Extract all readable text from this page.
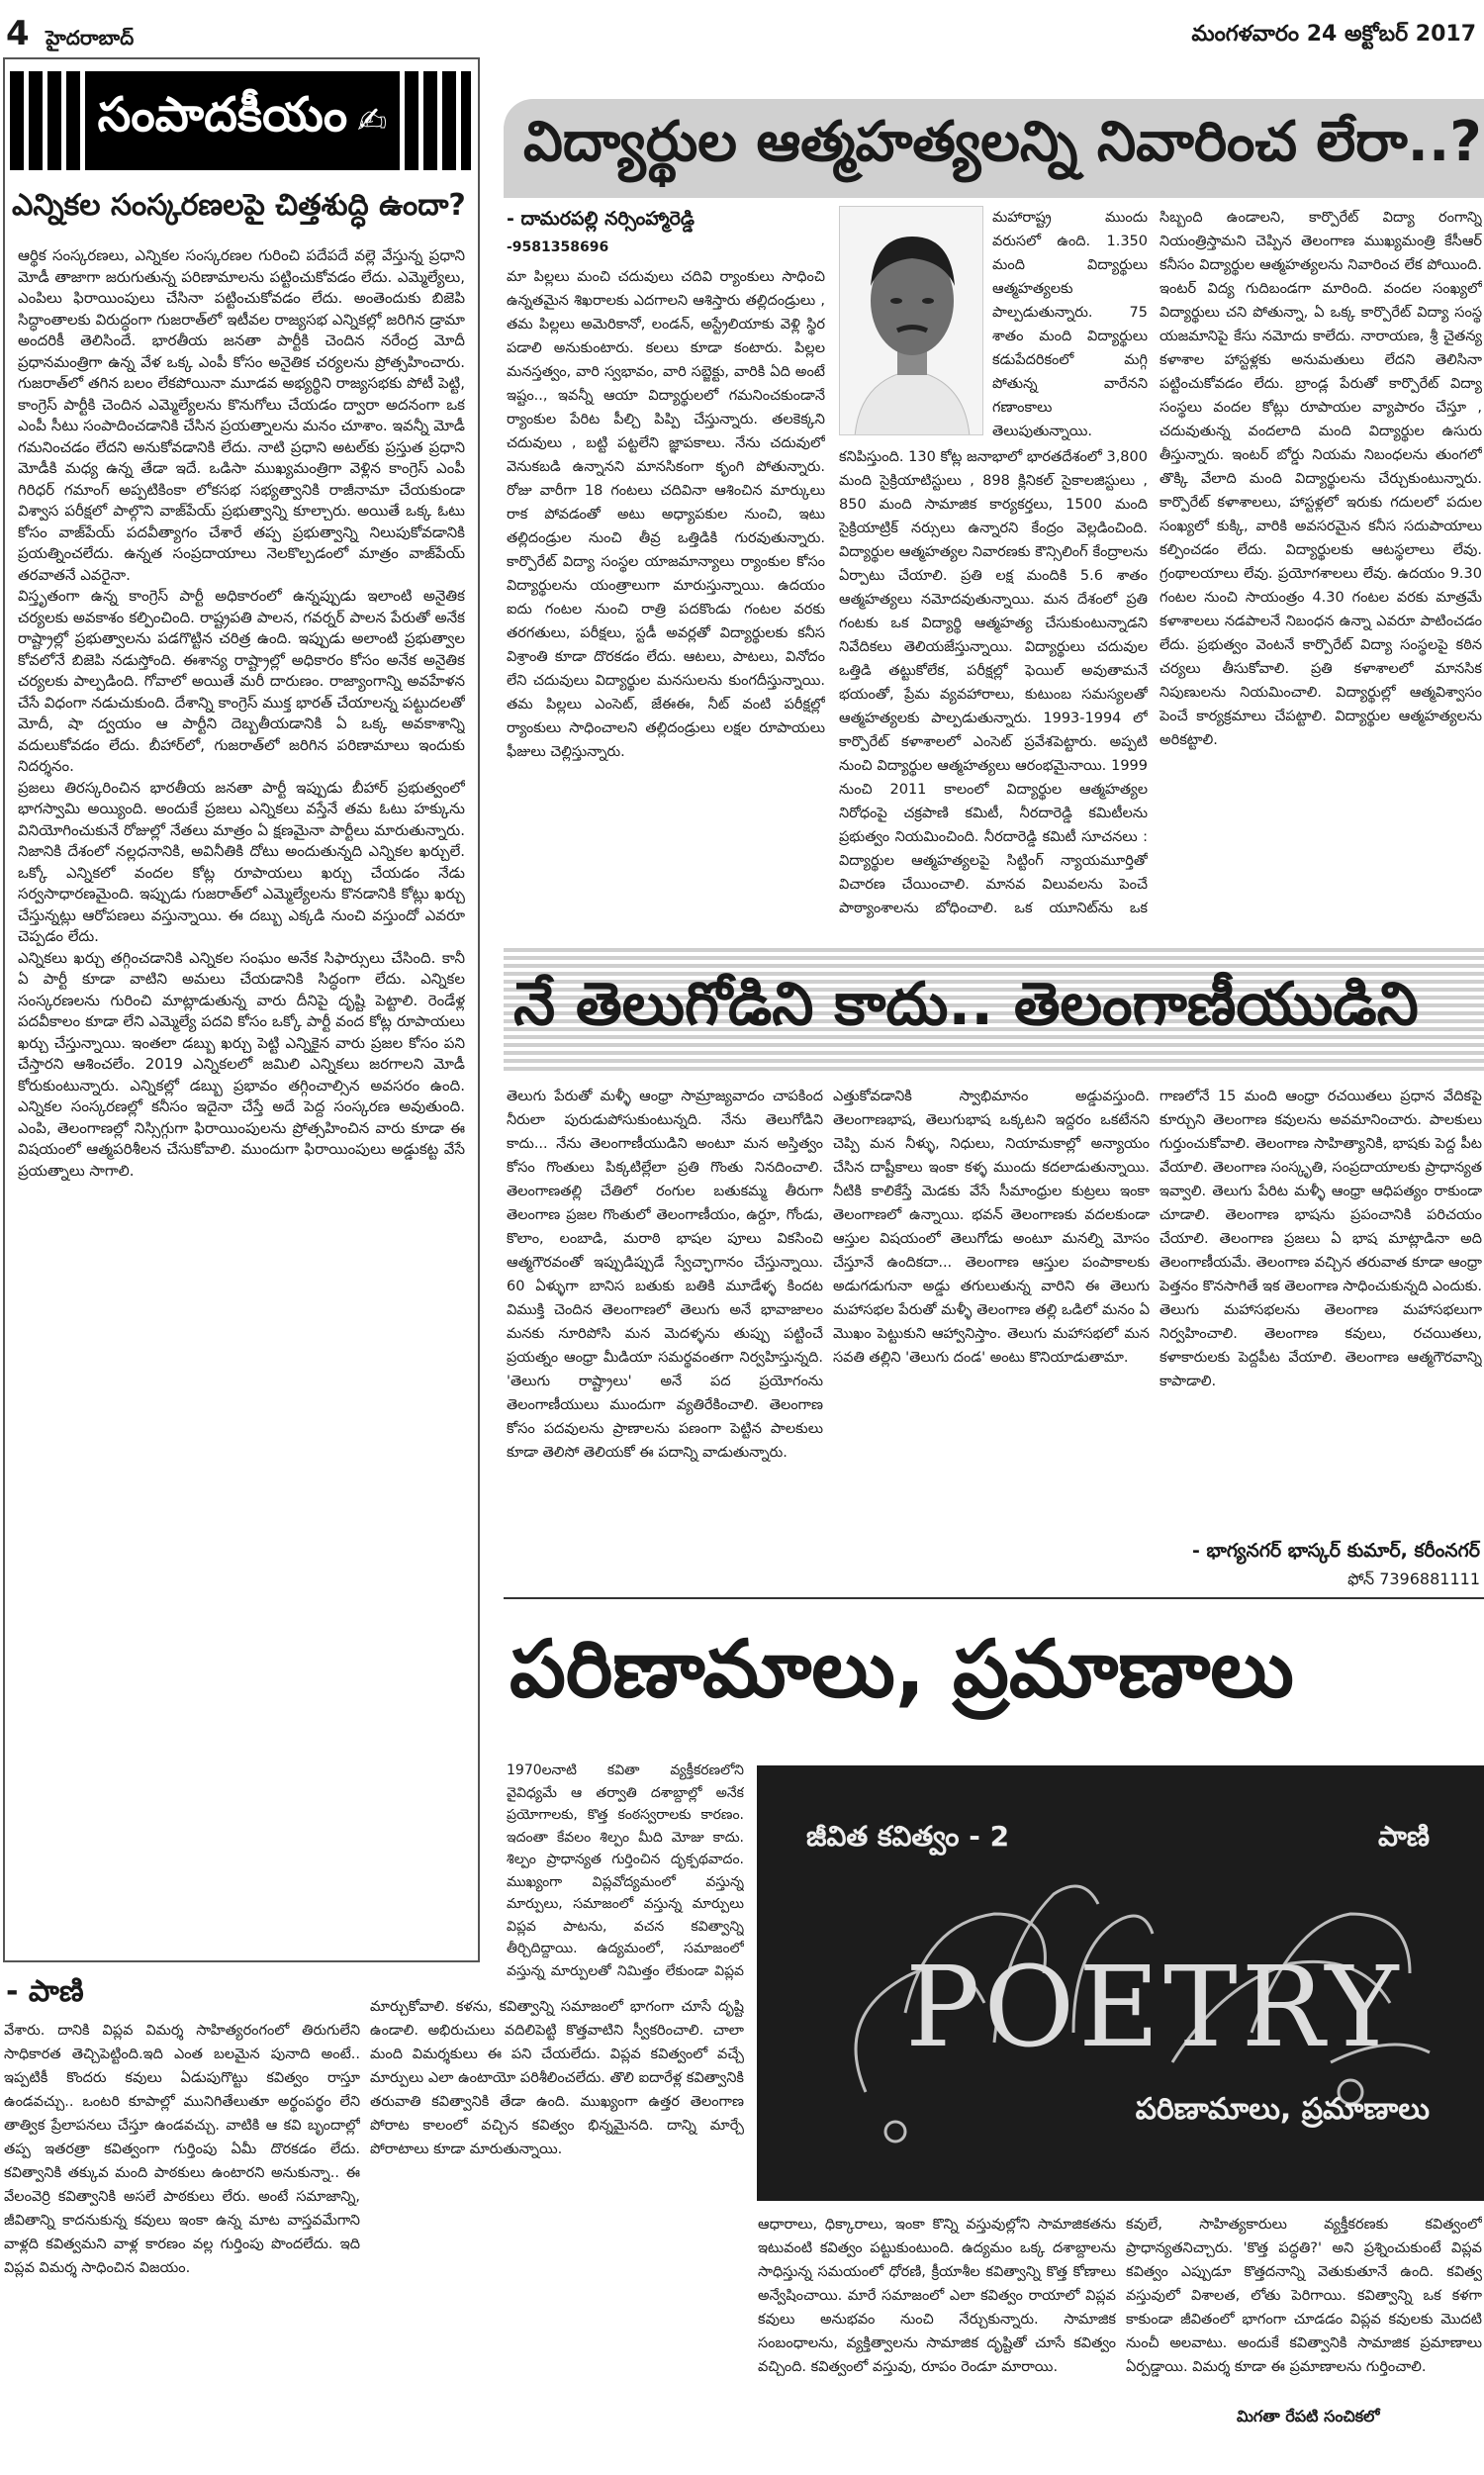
4 హైదరాబాద్	మంగళవారం 24 అక్టోబర్ 2017
సంపాదకీయం ✍
ఎన్నికల సంస్కరణలపై చిత్తశుద్ధి ఉందా?

ఆర్థిక సంస్కరణలు, ఎన్నికల సంస్కరణల గురించి పదేపదే వల్లె వేస్తున్న ప్రధాని మోడీ తాజాగా జరుగుతున్న పరిణామాలను పట్టించుకోవడం లేదు. ఎమ్మెల్యేలు, ఎంపిలు ఫిరాయింపులు చేసినా పట్టించుకోవడం లేదు. అంతెందుకు బిజెపి సిద్ధాంతాలకు విరుద్ధంగా గుజరాత్‌లో ఇటీవల రాజ్యసభ ఎన్నికల్లో జరిగిన డ్రామా అందరికీ తెలిసిందే. భారతీయ జనతా పార్టీకి చెందిన నరేంద్ర మోదీ ప్రధానమంత్రిగా ఉన్న వేళ ఒక్క ఎంపీ కోసం అనైతిక చర్యలను ప్రోత్సహించారు. గుజరాత్‌లో తగిన బలం లేకపోయినా మూడవ అభ్యర్థిని రాజ్యసభకు పోటీ పెట్టి, కాంగ్రెస్ పార్టీకి చెందిన ఎమ్మెల్యేలను కొనుగోలు చేయడం ద్వారా అదనంగా ఒక ఎంపీ సీటు సంపాదించడానికి చేసిన ప్రయత్నాలను మనం చూశాం. ఇవన్నీ మోడీ గమనించడం లేదని అనుకోవడానికి లేదు. నాటి ప్రధాని అటల్‌కు ప్రస్తుత ప్రధాని మోడీకి మధ్య ఉన్న తేడా ఇదే. ఒడిసా ముఖ్యమంత్రిగా వెళ్లిన కాంగ్రెస్ ఎంపీ గిరిధర్ గమాంగ్ అప్పటికింకా లోకసభ సభ్యత్వానికి రాజీనామా చేయకుండా విశ్వాస పరీక్షలో పాల్గొని వాజ్‌పేయ్ ప్రభుత్వాన్ని కూల్చారు. అయితే ఒక్క ఓటు కోసం వాజ్‌పేయ్ పదవీత్యాగం చేశారే తప్ప ప్రభుత్వాన్ని నిలుపుకోవడానికి ప్రయత్నించలేదు. ఉన్నత సంప్రదాయాలు నెలకొల్పడంలో మాత్రం వాజ్‌పేయ్ తరవాతనే ఎవరైనా.

విస్తృతంగా ఉన్న కాంగ్రెస్ పార్టీ అధికారంలో ఉన్నప్పుడు ఇలాంటి అనైతిక చర్యలకు అవకాశం కల్పించింది. రాష్ట్రపతి పాలన, గవర్నర్ పాలన పేరుతో అనేక రాష్ట్రాల్లో ప్రభుత్వాలను పడగొట్టిన చరిత్ర ఉంది. ఇప్పుడు అలాంటి ప్రభుత్వాల కోవలోనే బిజెపి నడుస్తోంది. ఈశాన్య రాష్ట్రాల్లో అధికారం కోసం అనేక అనైతిక చర్యలకు పాల్పడింది. గోవాలో అయితే మరీ దారుణం. రాజ్యాంగాన్ని అవహేళన చేసే విధంగా నడుచుకుంది. దేశాన్ని కాంగ్రెస్ ముక్త భారత్ చేయాలన్న పట్టుదలతో మోదీ, షా ద్వయం ఆ పార్టీని దెబ్బతీయడానికి ఏ ఒక్క అవకాశాన్ని వదులుకోవడం లేదు. బీహార్‌లో, గుజరాత్‌లో జరిగిన పరిణామాలు ఇందుకు నిదర్శనం.

ప్రజలు తిరస్కరించిన భారతీయ జనతా పార్టీ ఇప్పుడు బీహార్ ప్రభుత్వంలో భాగస్వామి అయ్యింది. అందుకే ప్రజలు ఎన్నికలు వస్తేనే తమ ఓటు హక్కును వినియోగించుకునే రోజుల్లో నేతలు మాత్రం ఏ క్షణమైనా పార్టీలు మారుతున్నారు. నిజానికి దేశంలో నల్లధనానికి, అవినీతికి దోటు అందుతున్నది ఎన్నికల ఖర్చులే. ఒక్కో ఎన్నికలో వందల కోట్ల రూపాయలు ఖర్చు చేయడం నేడు సర్వసాధారణమైంది. ఇప్పుడు గుజరాత్‌లో ఎమ్మెల్యేలను కొనడానికి కోట్లు ఖర్చు చేస్తున్నట్లు ఆరోపణలు వస్తున్నాయి. ఈ దబ్బు ఎక్కడి నుంచి వస్తుందో ఎవరూ చెప్పడం లేదు.

ఎన్నికలు ఖర్చు తగ్గించడానికి ఎన్నికల సంఘం అనేక సిఫార్సులు చేసింది. కానీ ఏ పార్టీ కూడా వాటిని అమలు చేయడానికి సిద్ధంగా లేదు. ఎన్నికల సంస్కరణలను గురించి మాట్లాడుతున్న వారు దీనిపై దృష్టి పెట్టాలి. రెండేళ్ల పదవీకాలం కూడా లేని ఎమ్మెల్యే పదవి కోసం ఒక్కో పార్టీ వంద కోట్ల రూపాయలు ఖర్చు చేస్తున్నాయి. ఇంతలా డబ్బు ఖర్చు పెట్టి ఎన్నికైన వారు ప్రజల కోసం పని చేస్తారని ఆశించలేం. 2019 ఎన్నికలలో జమిలి ఎన్నికలు జరగాలని మోడీ కోరుకుంటున్నారు. ఎన్నికల్లో డబ్బు ప్రభావం తగ్గించాల్సిన అవసరం ఉంది. ఎన్నికల సంస్కరణల్లో కనీసం ఇదైనా చేస్తే అదే పెద్ద సంస్కరణ అవుతుంది. ఎంపి, తెలంగాణల్లో నిస్సిగ్గుగా ఫిరాయింపులను ప్రోత్సహించిన వారు కూడా ఈ విషయంలో ఆత్మపరిశీలన చేసుకోవాలి. ముందుగా ఫిరాయింపులు అడ్డుకట్ట వేసే ప్రయత్నాలు సాగాలి.

విద్యార్థుల ఆత్మహత్యలన్ని నివారించ లేరా..?
- దామరపల్లి నర్సింహ్మారెడ్డి
-9581358696

మా పిల్లలు మంచి చదువులు చదివి ర్యాంకులు సాధించి ఉన్నతమైన శిఖరాలకు ఎదగాలని ఆశిస్తారు తల్లిదండ్రులు , తమ పిల్లలు అమెరికానో, లండన్, అస్ట్రేలియాకు వెళ్లి స్థిర పడాలి అనుకుంటారు. కలలు కూడా కంటారు. పిల్లల మనస్తత్వం, వారి స్వభావం, వారి సబ్జెక్టు, వారికి ఏది అంటే ఇష్టం.., ఇవన్నీ ఆయా విద్యార్థులలో గమనించకుండానే ర్యాంకుల పేరిట పీల్చి పిప్పి చేస్తున్నారు. తలకెక్కని చదువులు , బట్టి పట్టలేని జ్ఞాపకాలు. నేను చదువులో వెనుకబడి ఉన్నానని మానసికంగా కృంగి పోతున్నారు. రోజు వారీగా 18 గంటలు చదివినా ఆశించిన మార్కులు రాక పోవడంతో అటు అధ్యాపకుల నుంచి, ఇటు తల్లిదండ్రుల నుంచి తీవ్ర ఒత్తిడికి గురవుతున్నారు. కార్పొరేట్ విద్యా సంస్థల యాజమాన్యాలు ర్యాంకుల కోసం విద్యార్థులను యంత్రాలుగా మారుస్తున్నాయి. ఉదయం ఐదు గంటల నుంచి రాత్రి పదకొండు గంటల వరకు తరగతులు, పరీక్షలు, స్టడీ అవర్లతో విద్యార్థులకు కనీస విశ్రాంతి కూడా దొరకడం లేదు. ఆటలు, పాటలు, వినోదం లేని చదువులు విద్యార్థుల మనసులను కుంగదీస్తున్నాయి. తమ పిల్లలు ఎంసెట్, జేఈఈ, నీట్ వంటి పరీక్షల్లో ర్యాంకులు సాధించాలని తల్లిదండ్రులు లక్షల రూపాయలు ఫీజులు చెల్లిస్తున్నారు.

మహారాష్ట్ర ముందు వరుసలో ఉంది. 1.350 మంది విద్యార్థులు ఆత్మహత్యలకు పాల్పడుతున్నారు. 75 శాతం మంది విద్యార్థులు కడుపేదరికంలో మగ్గి పోతున్న వారేనని గణాంకాలు తెలుపుతున్నాయి.

కనిపిస్తుంది. 130 కోట్ల జనాభాలో భారతదేశంలో 3,800 మంది సైక్రియాటిస్టులు , 898 క్లినికల్ సైకాలజిస్టులు , 850 మంది సామాజిక కార్యకర్తలు, 1500 మంది సైక్రియాట్రిక్ నర్సులు ఉన్నారని కేంద్రం వెల్లడించింది. విద్యార్థుల ఆత్మహత్యల నివారణకు కౌన్సిలింగ్ కేంద్రాలను ఏర్పాటు చేయాలి. ప్రతి లక్ష మందికి 5.6 శాతం ఆత్మహత్యలు నమోదవుతున్నాయి. మన దేశంలో ప్రతి గంటకు ఒక విద్యార్థి ఆత్మహత్య చేసుకుంటున్నాడని నివేదికలు తెలియజేస్తున్నాయి. విద్యార్థులు చదువుల ఒత్తిడి తట్టుకోలేక, పరీక్షల్లో ఫెయిల్ అవుతామనే భయంతో, ప్రేమ వ్యవహారాలు, కుటుంబ సమస్యలతో ఆత్మహత్యలకు పాల్పడుతున్నారు. 1993-1994 లో కార్పొరేట్ కళాశాలలో ఎంసెట్ ప్రవేశపెట్టారు. అప్పటి నుంచి విద్యార్థుల ఆత్మహత్యలు ఆరంభమైనాయి. 1999 నుంచి 2011 కాలంలో విద్యార్థుల ఆత్మహత్యల నిరోధంపై చక్రపాణి కమిటీ, నీరదారెడ్డి కమిటీలను ప్రభుత్వం నియమించింది. నీరదారెడ్డి కమిటీ సూచనలు : విద్యార్థుల ఆత్మహత్యలపై సిట్టింగ్ న్యాయమూర్తితో విచారణ చేయించాలి. మానవ విలువలను పెంచే పాఠ్యాంశాలను బోధించాలి. ఒక యూనిట్‌ను ఒక

సిబ్బంది ఉండాలని, కార్పొరేట్ విద్యా రంగాన్ని నియంత్రిస్తామని చెప్పిన తెలంగాణ ముఖ్యమంత్రి కేసీఆర్ కనీసం విద్యార్థుల ఆత్మహత్యలను నివారించ లేక పోయింది. ఇంటర్ విద్య గుదిబండగా మారింది. వందల సంఖ్యలో విద్యార్థులు చని పోతున్నా, ఏ ఒక్క కార్పొరేట్ విద్యా సంస్థ యజమానిపై కేసు నమోదు కాలేదు. నారాయణ, శ్రీ చైతన్య కళాశాల హాస్టళ్లకు అనుమతులు లేదని తెలిసినా పట్టించుకోవడం లేదు. బ్రాండ్ల పేరుతో కార్పొరేట్ విద్యా సంస్థలు వందల కోట్లు రూపాయల వ్యాపారం చేస్తూ , చదువుతున్న వందలాది మంది విద్యార్థుల ఉసురు తీస్తున్నారు. ఇంటర్ బోర్డు నియమ నిబంధలను తుంగలో తొక్కి వేలాది మంది విద్యార్థులను చేర్చుకుంటున్నారు. కార్పొరేట్ కళాశాలలు, హాస్టళ్లలో ఇరుకు గదులలో పదుల సంఖ్యలో కుక్కి, వారికి అవసరమైన కనీస సదుపాయాలు కల్పించడం లేదు. విద్యార్థులకు ఆటస్థలాలు లేవు. గ్రంథాలయాలు లేవు. ప్రయోగశాలలు లేవు. ఉదయం 9.30 గంటల నుంచి సాయంత్రం 4.30 గంటల వరకు మాత్రమే కళాశాలలు నడపాలనే నిబంధన ఉన్నా ఎవరూ పాటించడం లేదు. ప్రభుత్వం వెంటనే కార్పొరేట్ విద్యా సంస్థలపై కఠిన చర్యలు తీసుకోవాలి. ప్రతి కళాశాలలో మానసిక నిపుణులను నియమించాలి. విద్యార్థుల్లో ఆత్మవిశ్వాసం పెంచే కార్యక్రమాలు చేపట్టాలి. విద్యార్థుల ఆత్మహత్యలను అరికట్టాలి.

నే తెలుగోడిని కాదు.. తెలంగాణీయుడిని

తెలుగు పేరుతో మళ్ళీ ఆంధ్రా సామ్రాజ్యవాదం చాపకింద నీరులా పురుడుపోసుకుంటున్నది. నేను తెలుగోడిని కాదు... నేను తెలంగాణీయుడిని అంటూ మన అస్తిత్వం కోసం గొంతులు పిక్కటిల్లేలా ప్రతి గొంతు నినదించాలి. తెలంగాణతల్లి చేతిలో రంగుల బతుకమ్మ తీరుగా తెలంగాణ ప్రజల గొంతులో తెలంగాణీయం, ఉర్దూ, గోండు, కొలాం, లంబాడి, మరాఠి భాషల పూలు వికసించి ఆత్మగౌరవంతో ఇప్పుడిప్పుడే స్వేచ్ఛాగానం చేస్తున్నాయి. 60 ఏళ్ళుగా బానిస బతుకు బతికి మూడేళ్ళ కిందట విముక్తి చెందిన తెలంగాణలో తెలుగు అనే భావాజాలం మనకు నూరిపోసి మన మెదళ్ళను తుప్పు పట్టించే ప్రయత్నం ఆంధ్రా మీడియా సమర్థవంతగా నిర్వహిస్తున్నది. 'తెలుగు రాష్ట్రాలు' అనే పద ప్రయోగంను తెలంగాణీయులు ముందుగా వ్యతిరేకించాలి. తెలంగాణ కోసం పదవులను ప్రాణాలను పణంగా పెట్టిన పాలకులు కూడా తెలిసో తెలియకో ఈ పదాన్ని వాడుతున్నారు.

ఎత్తుకోవడానికి స్వాభిమానం అడ్డువస్తుంది. తెలంగాణభాష, తెలుగుభాష ఒక్కటని ఇద్దరం ఒకటేనని చెప్పి మన నీళ్ళు, నిధులు, నియామకాల్లో అన్యాయం చేసిన దాష్టీకాలు ఇంకా కళ్ళ ముందు కదలాడుతున్నాయి. నీటికి కాలికేస్తే మెడకు వేసే సీమాంధ్రుల కుట్రలు ఇంకా తెలంగాణలో ఉన్నాయి. భవన్ తెలంగాణకు వదలకుండా ఆస్తుల విషయంలో తెలుగోడు అంటూ మనల్ని మోసం చేస్తూనే ఉందికదా... తెలంగాణ ఆస్తుల పంపాకాలకు అడుగడుగునా అడ్డు తగులుతున్న వారిని ఈ తెలుగు మహాసభల పేరుతో మళ్ళీ తెలంగాణ తల్లి ఒడిలో మనం ఏ మొఖం పెట్టుకుని ఆహ్వానిస్తాం. తెలుగు మహాసభలో మన సవతి తల్లిని 'తెలుగు దండ' అంటు కొనియాడుతామా.

గాణలోనే 15 మంది ఆంధ్రా రచయితలు ప్రధాన వేదికపై కూర్చుని తెలంగాణ కవులను అవమానించారు. పాలకులు గుర్తుంచుకోవాలి. తెలంగాణ సాహిత్యానికి, భాషకు పెద్ద పీట వేయాలి. తెలంగాణ సంస్కృతి, సంప్రదాయాలకు ప్రాధాన్యత ఇవ్వాలి. తెలుగు పేరిట మళ్ళీ ఆంధ్రా ఆధిపత్యం రాకుండా చూడాలి. తెలంగాణ భాషను ప్రపంచానికి పరిచయం చేయాలి. తెలంగాణ ప్రజలు ఏ భాష మాట్లాడినా అది తెలంగాణీయమే. తెలంగాణ వచ్చిన తరువాత కూడా ఆంధ్రా పెత్తనం కొనసాగితే ఇక తెలంగాణ సాధించుకున్నది ఎందుకు. తెలుగు మహాసభలను తెలంగాణ మహాసభలుగా నిర్వహించాలి. తెలంగాణ కవులు, రచయితలు, కళాకారులకు పెద్దపీట వేయాలి. తెలంగాణ ఆత్మగౌరవాన్ని కాపాడాలి.

- భాగ్యనగర్ భాస్కర్ కుమార్, కరీంనగర్
ఫోన్ 7396881111
పరిణామాలు, ప్రమాణాలు

1970లనాటి కవితా వ్యక్తీకరణలోని వైవిధ్యమే ఆ తర్వాతి దశాబ్దాల్లో అనేక ప్రయోగాలకు, కొత్త కంఠస్వరాలకు కారణం. ఇదంతా కేవలం శిల్పం మీది మోజు కాదు. శిల్పం ప్రాధాన్యత గుర్తించిన దృక్పథవాదం. ముఖ్యంగా విప్లవోద్యమంలో వస్తున్న మార్పులు, సమాజంలో వస్తున్న మార్పులు విప్లవ పాటను, వచన కవిత్వాన్ని తీర్చిదిద్దాయి. ఉద్యమంలో, సమాజంలో వస్తున్న మార్పులతో నిమిత్తం లేకుండా విప్లవ

జీవిత కవిత్వం - 2	పాణి
POETRY
పరిణామాలు, ప్రమాణాలు
- పాణి

వేశారు. దానికి విప్లవ విమర్శ సాహిత్యరంగంలో తిరుగులేని సాధికారత తెచ్చిపెట్టింది.ఇది ఎంత బలమైన పునాది అంటే.. ఇప్పటికీ కొందరు కవులు ఏడుపుగొట్టు కవిత్వం రాస్తూ ఉండవచ్చు.. ఒంటరి కూపాల్లో మునిగితేలుతూ అర్థంపర్థం లేని తాత్విక ప్రేలాపనలు చేస్తూ ఉండవచ్చు. వాటికి ఆ కవి బృందాల్లో తప్ప ఇతరత్రా కవిత్వంగా గుర్తింపు ఏమీ దొరకడం లేదు. కవిత్వానికి తక్కువ మంది పాఠకులు ఉంటారని అనుకున్నా.. ఈ వేలంవెర్రి కవిత్వానికి అసలే పాఠకులు లేరు. అంటే సమాజాన్ని, జీవితాన్ని కాదనుకున్న కవులు ఇంకా ఉన్న మాట వాస్తవమేగాని వాళ్లది కవిత్వమని వాళ్ల కారణం వల్ల గుర్తింపు పొందలేదు. ఇది విప్లవ విమర్శ సాధించిన విజయం.

మార్చుకోవాలి. కళను, కవిత్వాన్ని సమాజంలో భాగంగా చూసే దృష్టి ఉండాలి. అభిరుచులు వదిలిపెట్టి కొత్తవాటిని స్వీకరించాలి. చాలా మంది విమర్శకులు ఈ పని చేయలేదు. విప్లవ కవిత్వంలో వచ్చే మార్పులు ఎలా ఉంటాయో పరిశీలించలేదు. తొలి ఐదారేళ్ల కవిత్వానికి తరువాతి కవిత్వానికి తేడా ఉంది. ముఖ్యంగా ఉత్తర తెలంగాణ పోరాట కాలంలో వచ్చిన కవిత్వం భిన్నమైనది. దాన్ని మార్చే పోరాటాలు కూడా మారుతున్నాయి.

ఆధారాలు, ధిక్కారాలు, ఇంకా కొన్ని వస్తువుల్లోని సామాజికతను ఇటువంటి కవిత్వం పట్టుకుంటుంది. ఉద్యమం ఒక్క దశాబ్దాలను సాధిస్తున్న సమయంలో ధోరణి, క్రీయాశీల కవిత్వాన్ని కొత్త కోణాలు అన్వేషించాయి. మారే సమాజంలో ఎలా కవిత్వం రాయాలో విప్లవ కవులు అనుభవం నుంచి నేర్చుకున్నారు. సామాజిక సంబంధాలను, వ్యక్తిత్వాలను సామాజిక దృష్టితో చూసే కవిత్వం వచ్చింది. కవిత్వంలో వస్తువు, రూపం రెండూ మారాయి.

కవులే, సాహిత్యకారులు వ్యక్తీకరణకు కవిత్వంలో ప్రాధాన్యతనిచ్చారు. 'కొత్త పద్ధతి?' అని ప్రశ్నించుకుంటే విప్లవ కవిత్వం ఎప్పుడూ కొత్తదనాన్ని వెతుకుతూనే ఉంది. కవిత్వ వస్తువులో విశాలత, లోతు పెరిగాయి. కవిత్వాన్ని ఒక కళగా కాకుండా జీవితంలో భాగంగా చూడడం విప్లవ కవులకు మొదటి నుంచీ అలవాటు. అందుకే కవిత్వానికి సామాజిక ప్రమాణాలు ఏర్పడ్డాయి. విమర్శ కూడా ఈ ప్రమాణాలను గుర్తించాలి.

మిగతా రేపటి సంచికలో
